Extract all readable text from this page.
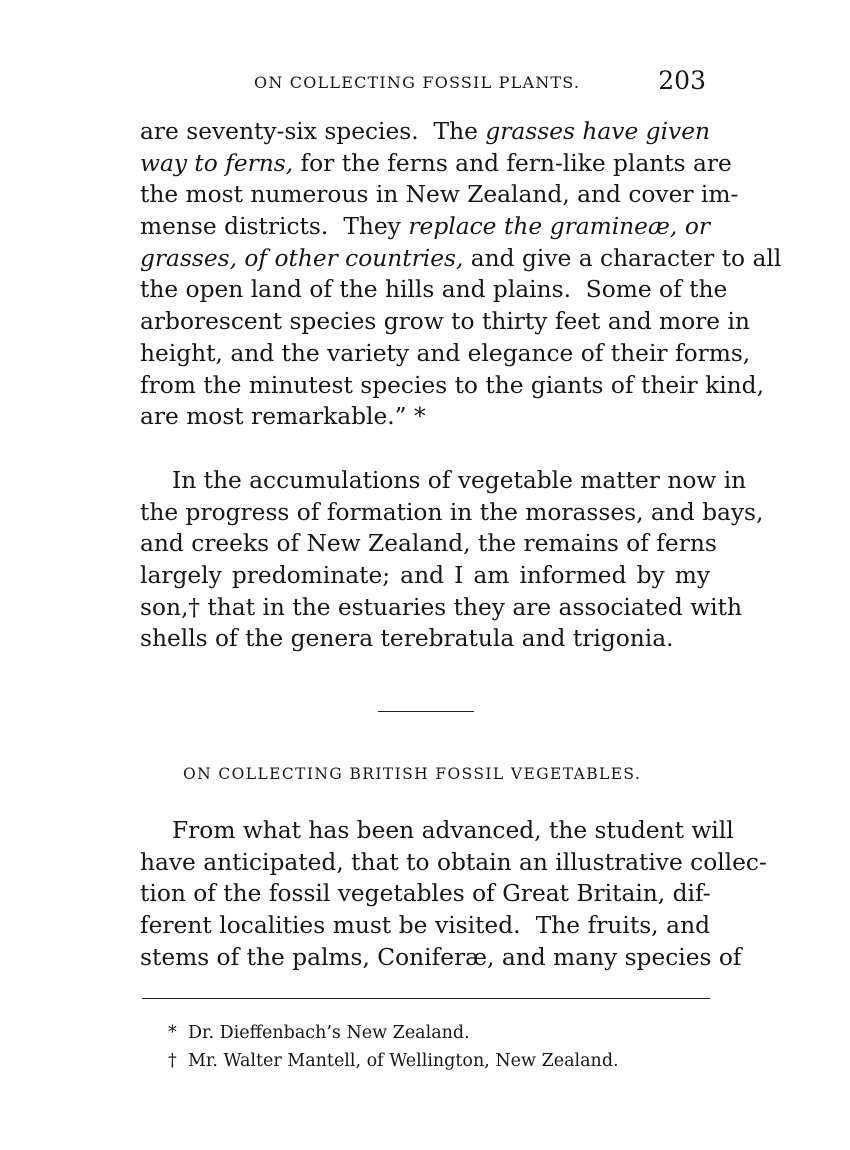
ON COLLECTING FOSSIL PLANTS.	203
are seventy-six species.  The grasses have given
way to ferns, for the ferns and fern-like plants are
the most numerous in New Zealand, and cover im-
mense districts.  They replace the gramineæ, or
grasses, of other countries, and give a character to all
the open land of the hills and plains.  Some of the
arborescent species grow to thirty feet and more in
height, and the variety and elegance of their forms,
from the minutest species to the giants of their kind,
are most remarkable.” *
In the accumulations of vegetable matter now in
the progress of formation in the morasses, and bays,
and creeks of New Zealand, the remains of ferns
largely predominate; and I am informed by my
son,† that in the estuaries they are associated with
shells of the genera terebratula and trigonia.
ON COLLECTING BRITISH FOSSIL VEGETABLES.
From what has been advanced, the student will
have anticipated, that to obtain an illustrative collec-
tion of the fossil vegetables of Great Britain, dif-
ferent localities must be visited.  The fruits, and
stems of the palms, Coniferæ, and many species of
* Dr. Dieffenbach’s New Zealand.
† Mr. Walter Mantell, of Wellington, New Zealand.
